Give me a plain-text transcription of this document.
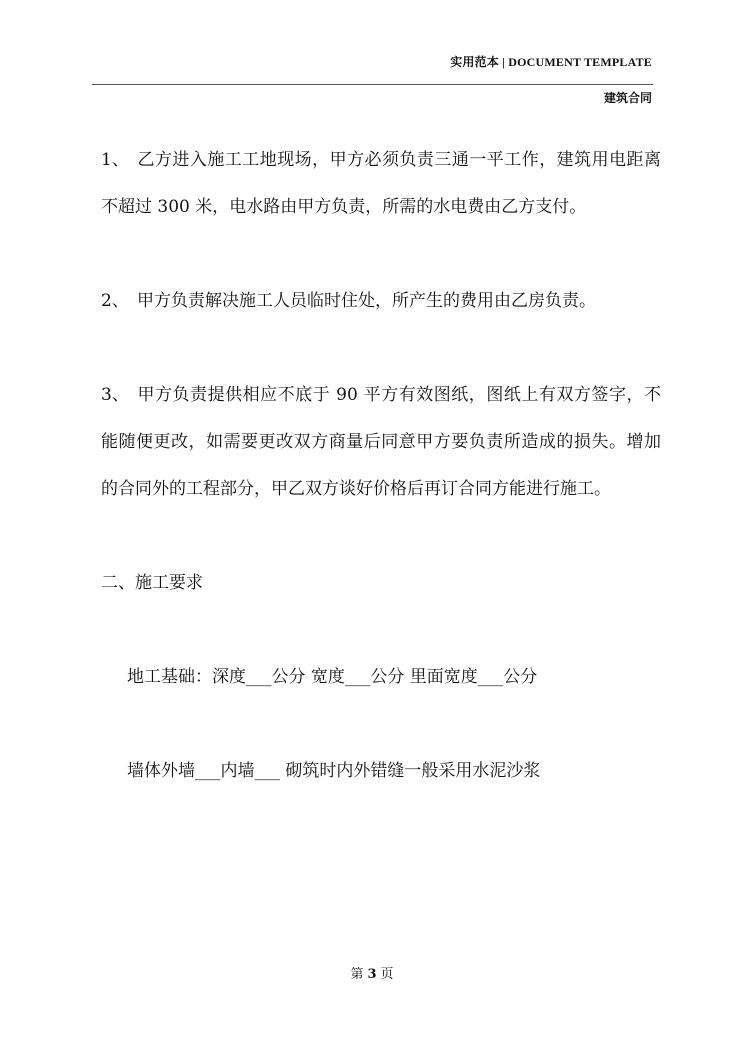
实用范本 | DOCUMENT TEMPLATE
建筑合同

1、 乙方进入施工工地现场，甲方必须负责三通一平工作，建筑用电距离不超过 300 米，电水路由甲方负责，所需的水电费由乙方支付。

2、 甲方负责解决施工人员临时住处，所产生的费用由乙房负责。

3、 甲方负责提供相应不底于 90 平方有效图纸，图纸上有双方签字，不能随便更改，如需要更改双方商量后同意甲方要负责所造成的损失。增加的合同外的工程部分，甲乙双方谈好价格后再订合同方能进行施工。

二、施工要求

地工基础：深度___公分 宽度___公分 里面宽度___公分

墙体外墙___内墙___ 砌筑时内外错缝一般采用水泥沙浆

第 3 页
